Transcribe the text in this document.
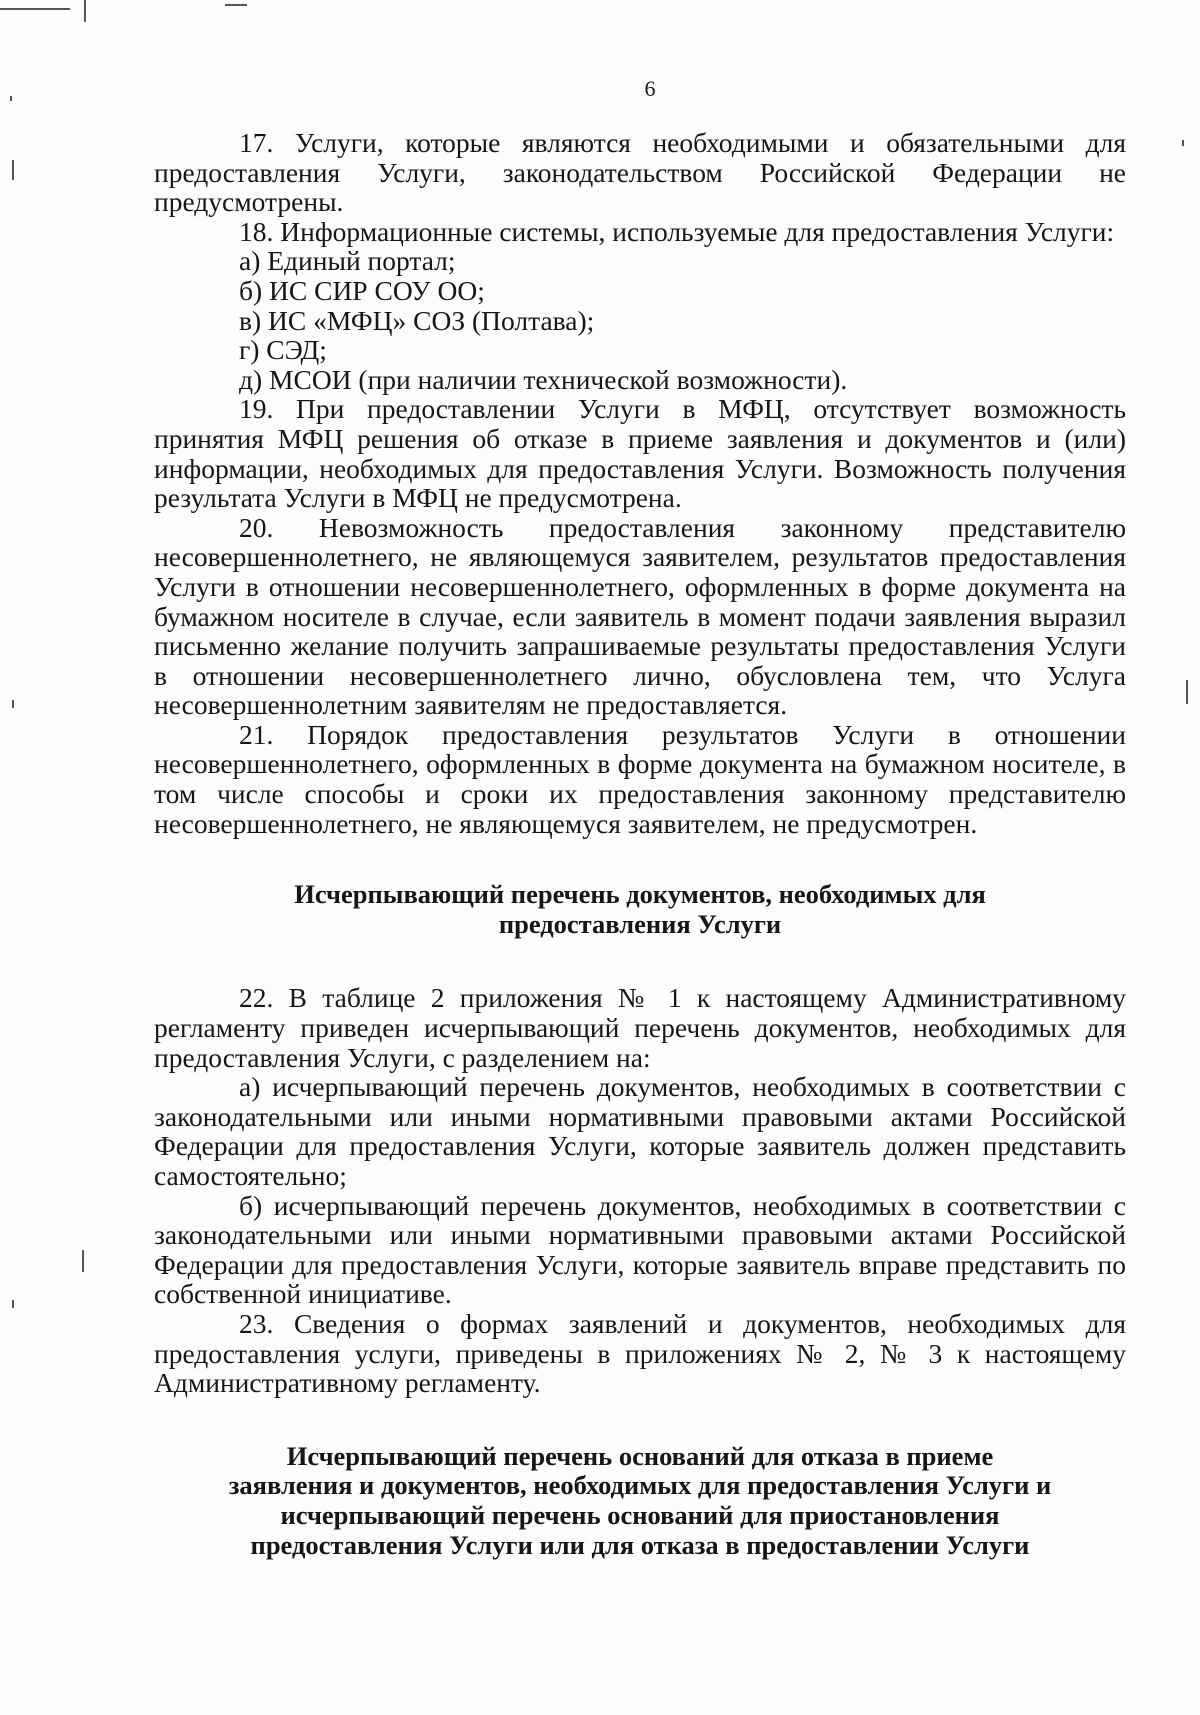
6

17. Услуги, которые являются необходимыми и обязательными для предоставления Услуги, законодательством Российской Федерации не предусмотрены.

18. Информационные системы, используемые для предоставления Услуги:

а) Единый портал;

б) ИС СИР СОУ ОО;

в) ИС «МФЦ» СОЗ (Полтава);

г) СЭД;

д) МСОИ (при наличии технической возможности).

19. При предоставлении Услуги в МФЦ, отсутствует возможность принятия МФЦ решения об отказе в приеме заявления и документов и (или) информации, необходимых для предоставления Услуги. Возможность получения результата Услуги в МФЦ не предусмотрена.

20. Невозможность предоставления законному представителю несовершеннолетнего, не являющемуся заявителем, результатов предоставления Услуги в отношении несовершеннолетнего, оформленных в форме документа на бумажном носителе в случае, если заявитель в момент подачи заявления выразил письменно желание получить запрашиваемые результаты предоставления Услуги в отношении несовершеннолетнего лично, обусловлена тем, что Услуга несовершеннолетним заявителям не предоставляется.

21. Порядок предоставления результатов Услуги в отношении несовершеннолетнего, оформленных в форме документа на бумажном носителе, в том числе способы и сроки их предоставления законному представителю несовершеннолетнего, не являющемуся заявителем, не предусмотрен.

Исчерпывающий перечень документов, необходимых для
предоставления Услуги

22. В таблице 2 приложения № 1 к настоящему Административному регламенту приведен исчерпывающий перечень документов, необходимых для предоставления Услуги, с разделением на:

а) исчерпывающий перечень документов, необходимых в соответствии с законодательными или иными нормативными правовыми актами Российской Федерации для предоставления Услуги, которые заявитель должен представить самостоятельно;

б) исчерпывающий перечень документов, необходимых в соответствии с законодательными или иными нормативными правовыми актами Российской Федерации для предоставления Услуги, которые заявитель вправе представить по собственной инициативе.

23. Сведения о формах заявлений и документов, необходимых для предоставления услуги, приведены в приложениях № 2, № 3 к настоящему Административному регламенту.

Исчерпывающий перечень оснований для отказа в приеме
заявления и документов, необходимых для предоставления Услуги и
исчерпывающий перечень оснований для приостановления
предоставления Услуги или для отказа в предоставлении Услуги
